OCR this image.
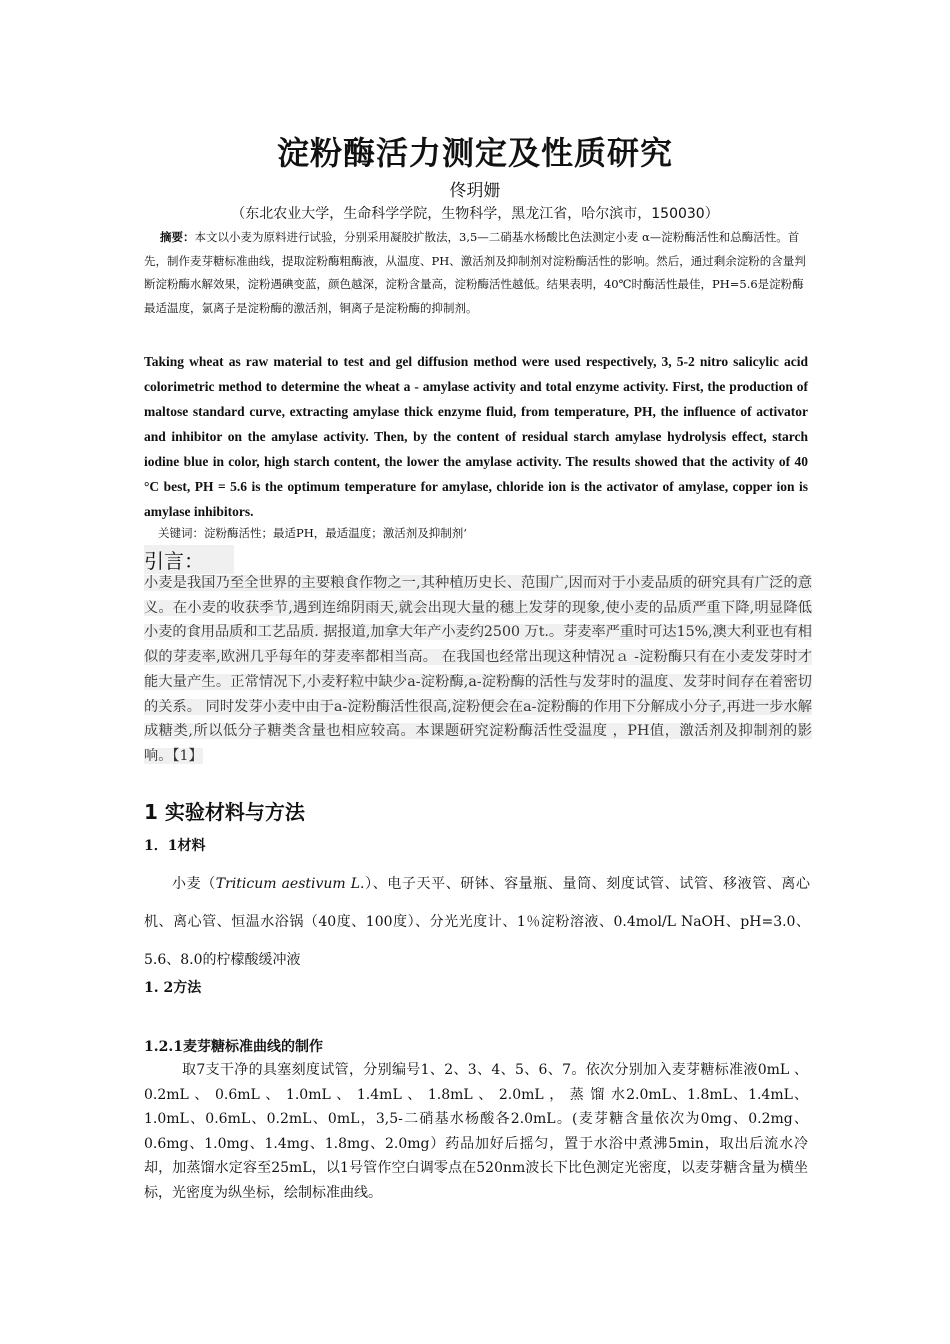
淀粉酶活力测定及性质研究
佟玥姗
（东北农业大学，生命科学学院，生物科学，黑龙江省，哈尔滨市，150030）
摘要：本文以小麦为原料进行试验，分别采用凝胶扩散法，3,5—二硝基水杨酸比色法测定小麦 α—淀粉酶活性和总酶活性。首先，制作麦芽糖标准曲线，提取淀粉酶粗酶液，从温度、PH、激活剂及抑制剂对淀粉酶活性的影响。然后，通过剩余淀粉的含量判断淀粉酶水解效果，淀粉遇碘变蓝，颜色越深，淀粉含量高，淀粉酶活性越低。结果表明，40℃时酶活性最佳，PH=5.6是淀粉酶最适温度，氯离子是淀粉酶的激活剂，铜离子是淀粉酶的抑制剂。
Taking wheat as raw material to test and gel diffusion method were used respectively, 3, 5-2 nitro salicylic acid colorimetric method to determine the wheat a - amylase activity and total enzyme activity. First, the production of maltose standard curve, extracting amylase thick enzyme fluid, from temperature, PH, the influence of activator and inhibitor on the amylase activity. Then, by the content of residual starch amylase hydrolysis effect, starch iodine blue in color, high starch content, the lower the amylase activity. The results showed that the activity of 40 °C best, PH = 5.6 is the optimum temperature for amylase, chloride ion is the activator of amylase, copper ion is amylase inhibitors.
关键词：淀粉酶活性；最适PH，最适温度；激活剂及抑制剂‘
引言：
小麦是我国乃至全世界的主要粮食作物之一,其种植历史长、范围广,因而对于小麦品质的研究具有广泛的意义。在小麦的收获季节,遇到连绵阴雨天,就会出现大量的穗上发芽的现象,使小麦的品质严重下降,明显降低小麦的食用品质和工艺品质. 据报道,加拿大年产小麦约2500 万t.。芽麦率严重时可达15%,澳大利亚也有相似的芽麦率,欧洲几乎每年的芽麦率都相当高。 在我国也经常出现这种情况ａ -淀粉酶只有在小麦发芽时才能大量产生。正常情况下,小麦籽粒中缺少a-淀粉酶,a-淀粉酶的活性与发芽时的温度、发芽时间存在着密切的关系。 同时发芽小麦中由于a-淀粉酶活性很高,淀粉便会在a-淀粉酶的作用下分解成小分子,再进一步水解成糖类,所以低分子糖类含量也相应较高。本课题研究淀粉酶活性受温度 ，PH值，激活剂及抑制剂的影响。【1】
1 实验材料与方法
1．1材料
小麦（Triticum aestivum L.）、电子天平、研钵、容量瓶、量筒、刻度试管、试管、移液管、离心机、离心管、恒温水浴锅（40度、100度）、分光光度计、1％淀粉溶液、0.4mol/L NaOH、pH=3.0、5.6、8.0的柠檬酸缓冲液
1. 2方法
1.2.1麦芽糖标准曲线的制作
取7支干净的具塞刻度试管，分别编号1、2、3、4、5、6、7。依次分别加入麦芽糖标准液0mL 、 0.2mL 、 0.6mL 、 1.0mL 、 1.4mL 、 1.8mL 、 2.0mL ， 蒸 馏 水2.0mL、1.8mL、1.4mL、1.0mL、0.6mL、0.2mL、0mL，3,5-二硝基水杨酸各2.0mL。(麦芽糖含量依次为0mg、0.2mg、0.6mg、1.0mg、1.4mg、1.8mg、2.0mg）药品加好后摇匀，置于水浴中煮沸5min，取出后流水冷却，加蒸馏水定容至25mL，以1号管作空白调零点在520nm波长下比色测定光密度，以麦芽糖含量为横坐标，光密度为纵坐标，绘制标准曲线。
